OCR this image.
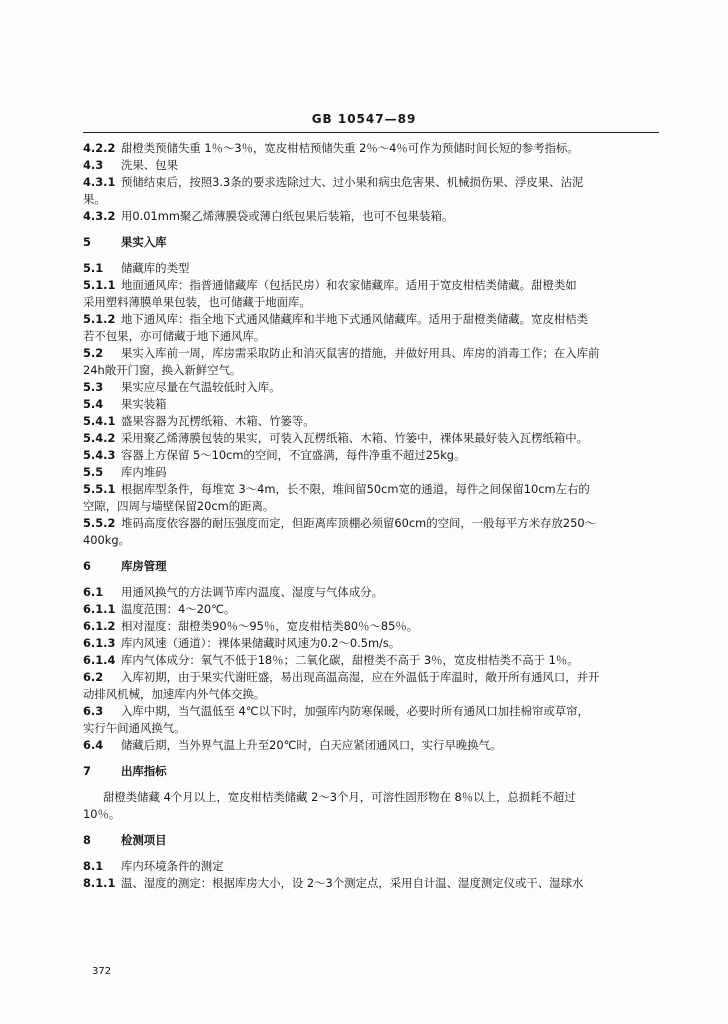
GB 10547—89
4.2.2 甜橙类预储失重 1％～3％，宽皮柑桔预储失重 2％～4％可作为预储时间长短的参考指标。
4.3 洗果、包果
4.3.1 预储结束后，按照3.3条的要求选除过大、过小果和病虫危害果、机械损伤果、浮皮果、沾泥
果。
4.3.2 用0.01mm聚乙烯薄膜袋或薄白纸包果后装箱，也可不包果装箱。
5	果实入库
5.1 储藏库的类型
5.1.1 地面通风库：指普通储藏库（包括民房）和农家储藏库。适用于宽皮柑桔类储藏。甜橙类如
采用塑料薄膜单果包装，也可储藏于地面库。
5.1.2 地下通风库：指全地下式通风储藏库和半地下式通风储藏库。适用于甜橙类储藏。宽皮柑桔类
若不包果，亦可储藏于地下通风库。
5.2 果实入库前一周，库房需采取防止和消灭鼠害的措施，并做好用具、库房的消毒工作；在入库前
24h敞开门窗，换入新鲜空气。
5.3 果实应尽量在气温较低时入库。
5.4 果实装箱
5.4.1 盛果容器为瓦楞纸箱、木箱、竹篓等。
5.4.2 采用聚乙烯薄膜包装的果实，可装入瓦楞纸箱、木箱、竹篓中，裸体果最好装入瓦楞纸箱中。
5.4.3 容器上方保留 5～10cm的空间，不宜盛满，每件净重不超过25kg。
5.5 库内堆码
5.5.1 根据库型条件，每堆宽 3～4m，长不限，堆间留50cm宽的通道，每件之间保留10cm左右的
空隙，四周与墙壁保留20cm的距离。
5.5.2 堆码高度依容器的耐压强度而定，但距离库顶棚必须留60cm的空间，一般每平方米存放250～
400kg。
6	库房管理
6.1 用通风换气的方法调节库内温度、湿度与气体成分。
6.1.1 温度范围：4～20℃。
6.1.2 相对湿度：甜橙类90％～95％，宽皮柑桔类80％～85％。
6.1.3 库内风速（通道）：裸体果储藏时风速为0.2～0.5m/s。
6.1.4 库内气体成分：氧气不低于18％；二氧化碳，甜橙类不高于 3％，宽皮柑桔类不高于 1％。
6.2 入库初期，由于果实代谢旺盛，易出现高温高湿，应在外温低于库温时，敞开所有通风口，并开
动排风机械，加速库内外气体交换。
6.3 入库中期，当气温低至 4℃以下时，加强库内防寒保暖，必要时所有通风口加挂棉帘或草帘，
实行午间通风换气。
6.4 储藏后期，当外界气温上升至20℃时，白天应紧闭通风口，实行早晚换气。
7	出库指标
甜橙类储藏 4个月以上，宽皮柑桔类储藏 2～3个月，可溶性固形物在 8％以上，总损耗不超过
10％。
8	检测项目
8.1 库内环境条件的测定
8.1.1 温、湿度的测定：根据库房大小，设 2～3个测定点，采用自计温、湿度测定仪或干、湿球水
372
